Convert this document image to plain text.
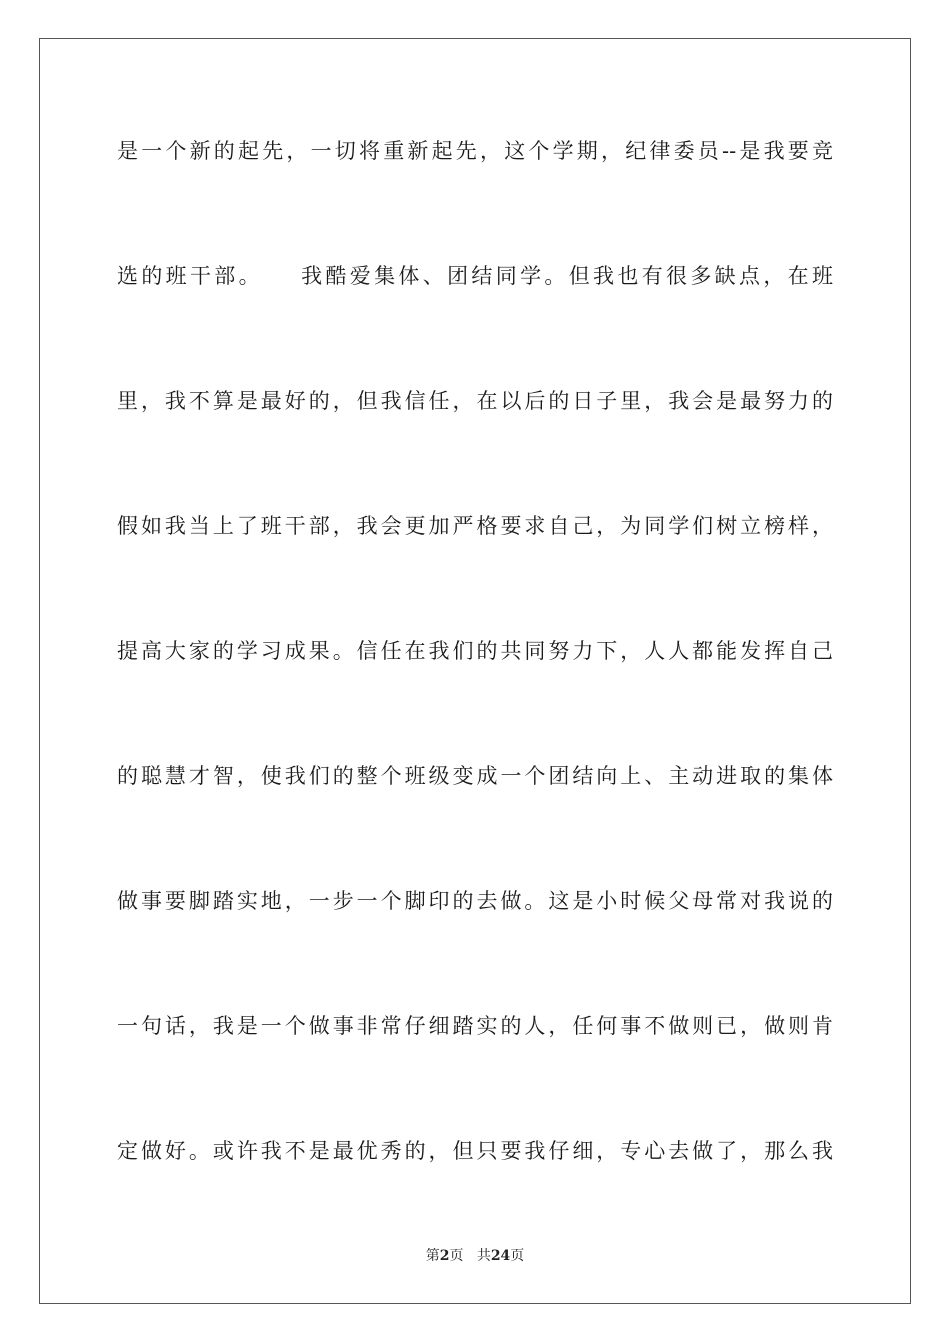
是一个新的起先，一切将重新起先，这个学期，纪律委员--是我要竞
选的班干部。　　我酷爱集体、团结同学。但我也有很多缺点，在班
里，我不算是最好的，但我信任，在以后的日子里，我会是最努力的
假如我当上了班干部，我会更加严格要求自己，为同学们树立榜样，
提高大家的学习成果。信任在我们的共同努力下，人人都能发挥自己
的聪慧才智，使我们的整个班级变成一个团结向上、主动进取的集体
做事要脚踏实地，一步一个脚印的去做。这是小时候父母常对我说的
一句话，我是一个做事非常仔细踏实的人，任何事不做则已，做则肯
定做好。或许我不是最优秀的，但只要我仔细，专心去做了，那么我
第2页 共24页
